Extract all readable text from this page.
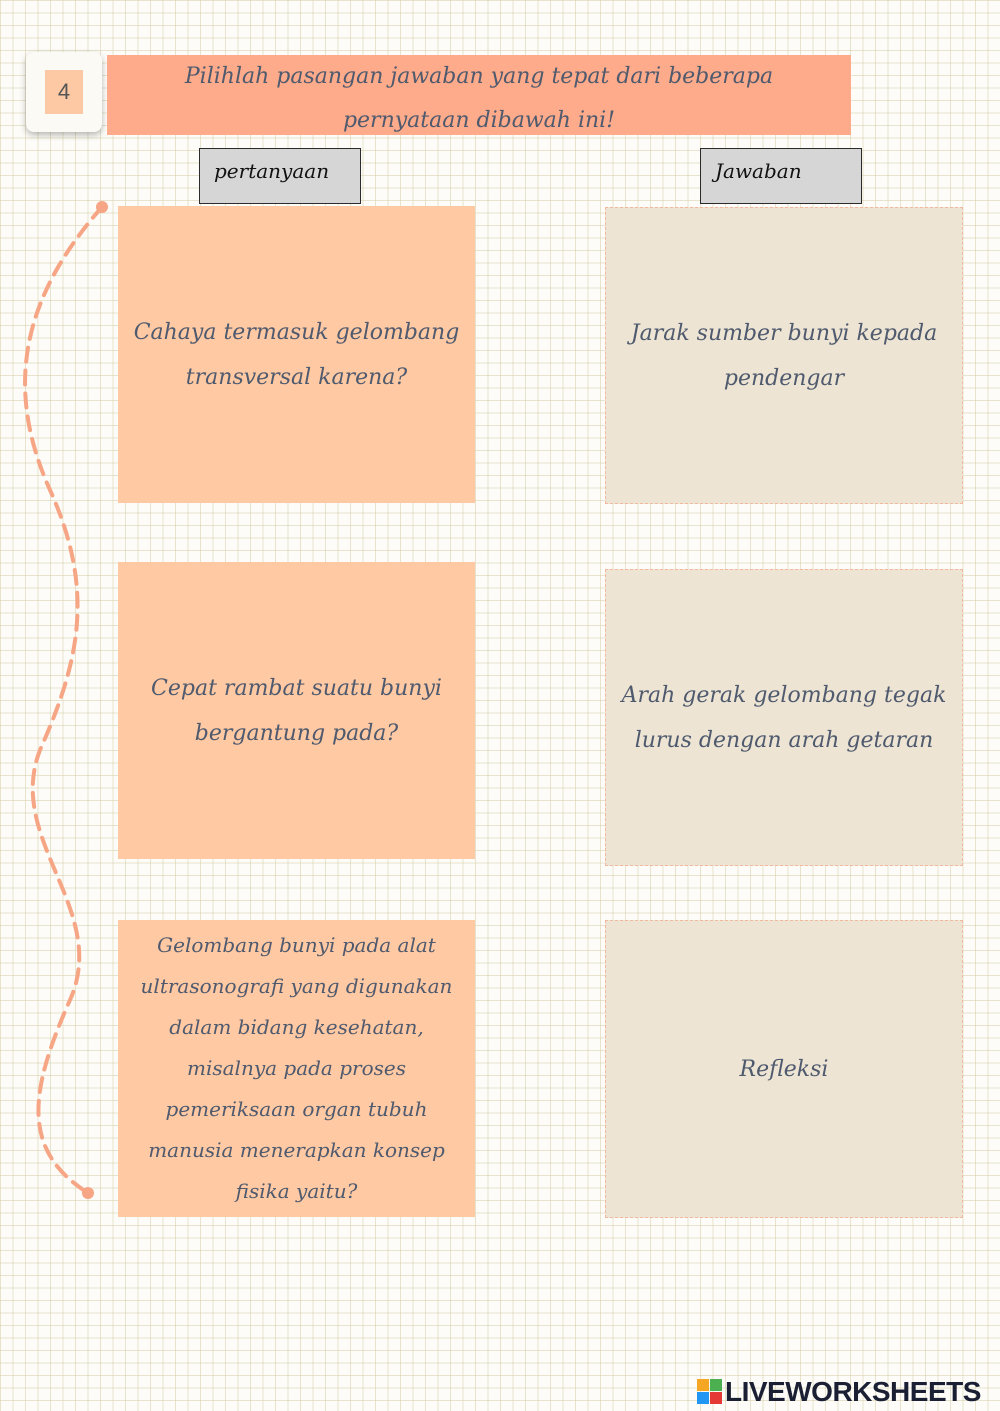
4
Pilihlah pasangan jawaban yang tepat dari beberapa
pernyataan dibawah ini!
pertanyaan	Jawaban
Cahaya termasuk gelombang transversal karena?
Cepat rambat suatu bunyi bergantung pada?
Gelombang bunyi pada alat ultrasonografi yang digunakan dalam bidang kesehatan, misalnya pada proses pemeriksaan organ tubuh manusia menerapkan konsep fisika yaitu?
Jarak sumber bunyi kepada pendengar
Arah gerak gelombang tegak lurus dengan arah getaran
Refleksi
LIVEWORKSHEETS
